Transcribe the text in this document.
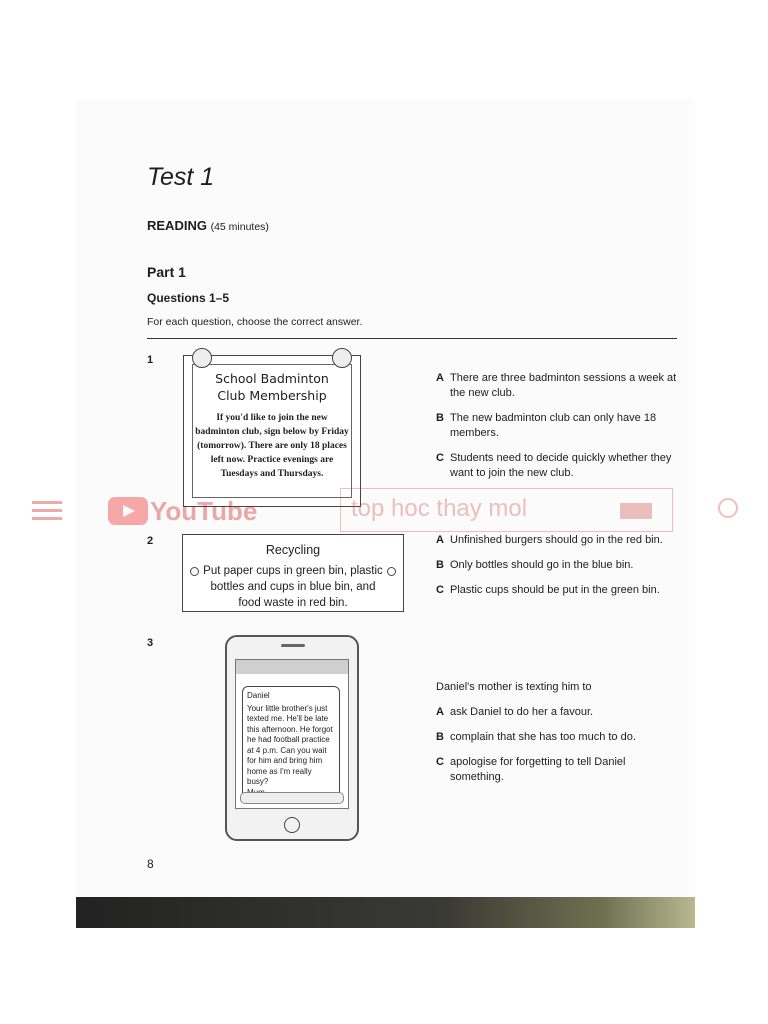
Test 1
READING (45 minutes)
Part 1
Questions 1–5
For each question, choose the correct answer.
1
School Badminton
Club Membership
If you'd like to join the new badminton club, sign below by Friday (tomorrow). There are only 18 places left now. Practice evenings are Tuesdays and Thursdays.
A There are three badminton sessions a week at the new club.
B The new badminton club can only have 18 members.
C Students need to decide quickly whether they want to join the new club.
2
Recycling
Put paper cups in green bin, plastic bottles and cups in blue bin, and food waste in red bin.
A Unfinished burgers should go in the red bin.
B Only bottles should go in the blue bin.
C Plastic cups should be put in the green bin.
3
Daniel
Your little brother's just texted me. He'll be late this afternoon. He forgot he had football practice at 4 p.m. Can you wait for him and bring him home as I'm really busy?
Daniel's mother is texting him to
A ask Daniel to do her a favour.
B complain that she has too much to do.
C apologise for forgetting to tell Daniel something.
8
YouTube	top hoc thay mol
